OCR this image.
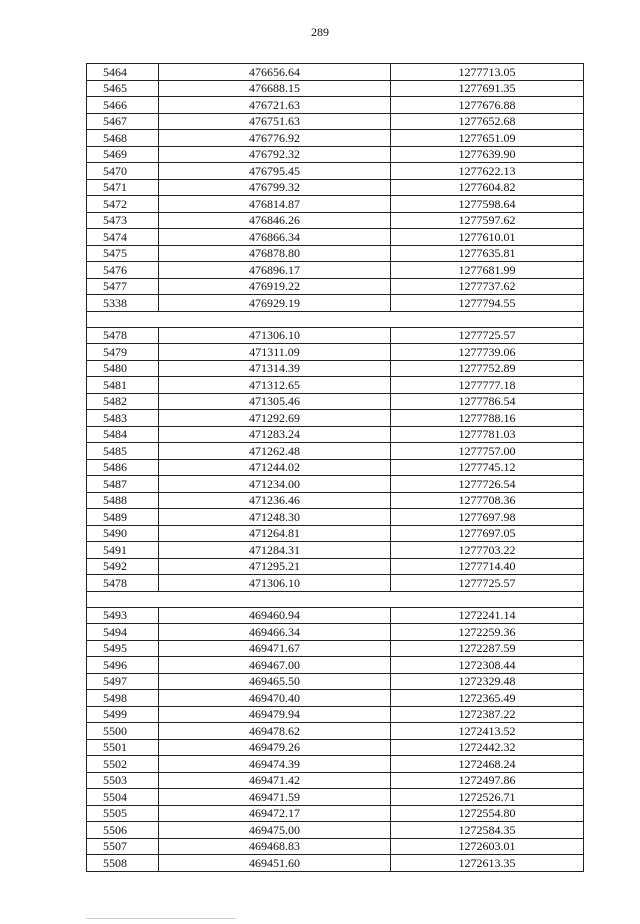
289
5464	476656.64	1277713.05
5465	476688.15	1277691.35
5466	476721.63	1277676.88
5467	476751.63	1277652.68
5468	476776.92	1277651.09
5469	476792.32	1277639.90
5470	476795.45	1277622.13
5471	476799.32	1277604.82
5472	476814.87	1277598.64
5473	476846.26	1277597.62
5474	476866.34	1277610.01
5475	476878.80	1277635.81
5476	476896.17	1277681.99
5477	476919.22	1277737.62
5338	476929.19	1277794.55

5478	471306.10	1277725.57
5479	471311.09	1277739.06
5480	471314.39	1277752.89
5481	471312.65	1277777.18
5482	471305.46	1277786.54
5483	471292.69	1277788.16
5484	471283.24	1277781.03
5485	471262.48	1277757.00
5486	471244.02	1277745.12
5487	471234.00	1277726.54
5488	471236.46	1277708.36
5489	471248.30	1277697.98
5490	471264.81	1277697.05
5491	471284.31	1277703.22
5492	471295.21	1277714.40
5478	471306.10	1277725.57

5493	469460.94	1272241.14
5494	469466.34	1272259.36
5495	469471.67	1272287.59
5496	469467.00	1272308.44
5497	469465.50	1272329.48
5498	469470.40	1272365.49
5499	469479.94	1272387.22
5500	469478.62	1272413.52
5501	469479.26	1272442.32
5502	469474.39	1272468.24
5503	469471.42	1272497.86
5504	469471.59	1272526.71
5505	469472.17	1272554.80
5506	469475.00	1272584.35
5507	469468.83	1272603.01
5508	469451.60	1272613.35
